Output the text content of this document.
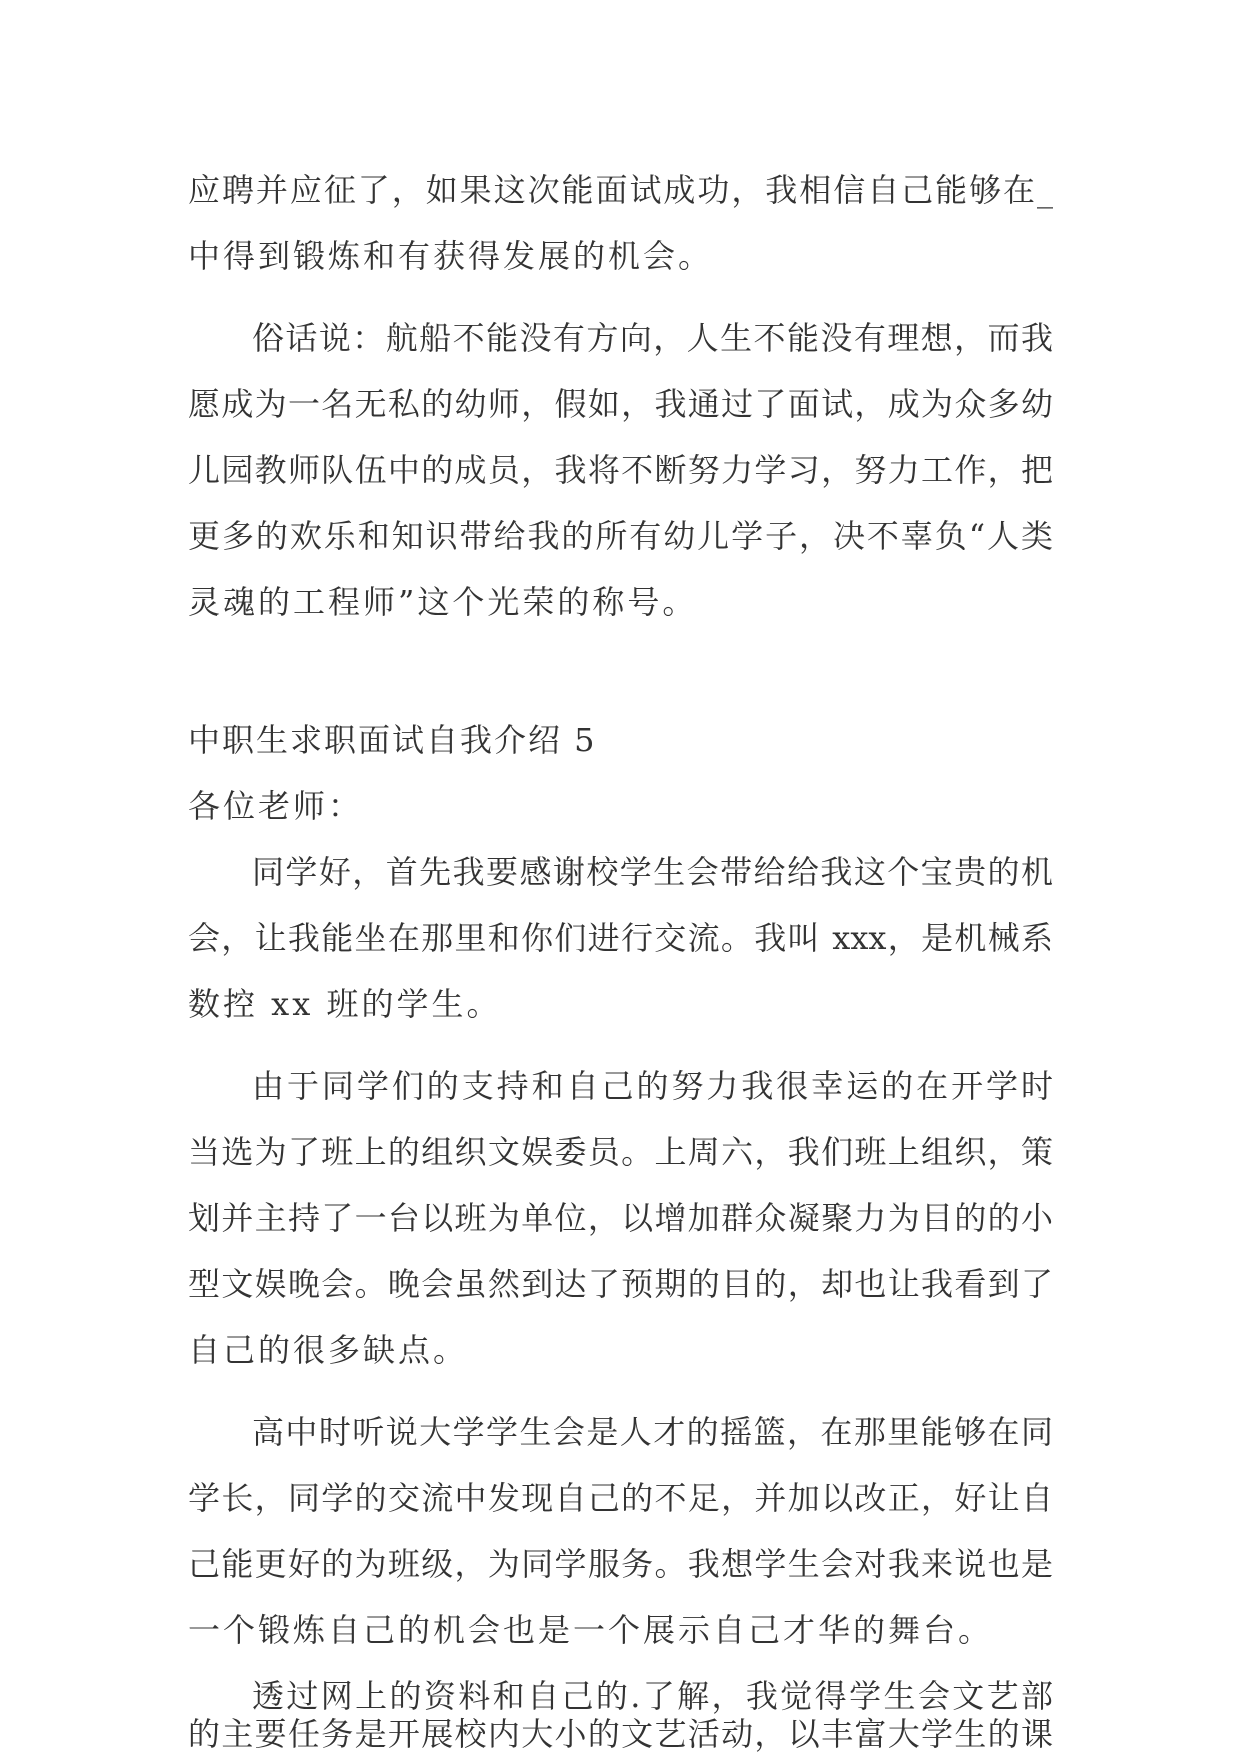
应聘并应征了，如果这次能面试成功，我相信自己能够在_
中得到锻炼和有获得发展的机会。
俗话说：航船不能没有方向，人生不能没有理想，而我
愿成为一名无私的幼师，假如，我通过了面试，成为众多幼
儿园教师队伍中的成员，我将不断努力学习，努力工作，把
更多的欢乐和知识带给我的所有幼儿学子，决不辜负“人类
灵魂的工程师”这个光荣的称号。
中职生求职面试自我介绍 5
各位老师：
同学好，首先我要感谢校学生会带给给我这个宝贵的机
会，让我能坐在那里和你们进行交流。我叫 xxx，是机械系
数控 xx 班的学生。
由于同学们的支持和自己的努力我很幸运的在开学时
当选为了班上的组织文娱委员。上周六，我们班上组织，策
划并主持了一台以班为单位，以增加群众凝聚力为目的的小
型文娱晚会。晚会虽然到达了预期的目的，却也让我看到了
自己的很多缺点。
高中时听说大学学生会是人才的摇篮，在那里能够在同
学长，同学的交流中发现自己的不足，并加以改正，好让自
己能更好的为班级，为同学服务。我想学生会对我来说也是
一个锻炼自己的机会也是一个展示自己才华的舞台。
透过网上的资料和自己的.了解，我觉得学生会文艺部
的主要任务是开展校内大小的文艺活动，以丰富大学生的课
